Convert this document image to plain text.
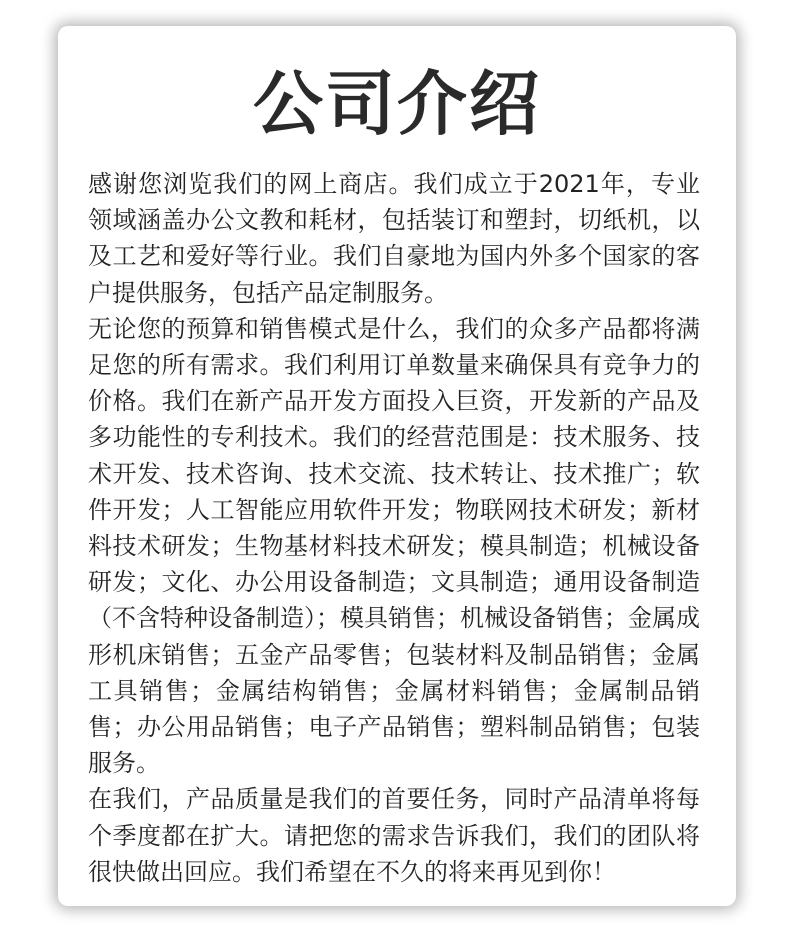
公司介绍

感谢您浏览我们的网上商店。我们成立于2021年，专业领域涵盖办公文教和耗材，包括装订和塑封，切纸机，以及工艺和爱好等行业。我们自豪地为国内外多个国家的客户提供服务，包括产品定制服务。

无论您的预算和销售模式是什么，我们的众多产品都将满足您的所有需求。我们利用订单数量来确保具有竞争力的价格。我们在新产品开发方面投入巨资，开发新的产品及多功能性的专利技术。我们的经营范围是：技术服务、技术开发、技术咨询、技术交流、技术转让、技术推广；软件开发；人工智能应用软件开发；物联网技术研发；新材料技术研发；生物基材料技术研发；模具制造；机械设备研发；文化、办公用设备制造；文具制造；通用设备制造（不含特种设备制造）；模具销售；机械设备销售；金属成形机床销售；五金产品零售；包装材料及制品销售；金属工具销售；金属结构销售；金属材料销售；金属制品销售；办公用品销售；电子产品销售；塑料制品销售；包装服务。

在我们，产品质量是我们的首要任务，同时产品清单将每个季度都在扩大。请把您的需求告诉我们，我们的团队将很快做出回应。我们希望在不久的将来再见到你！
